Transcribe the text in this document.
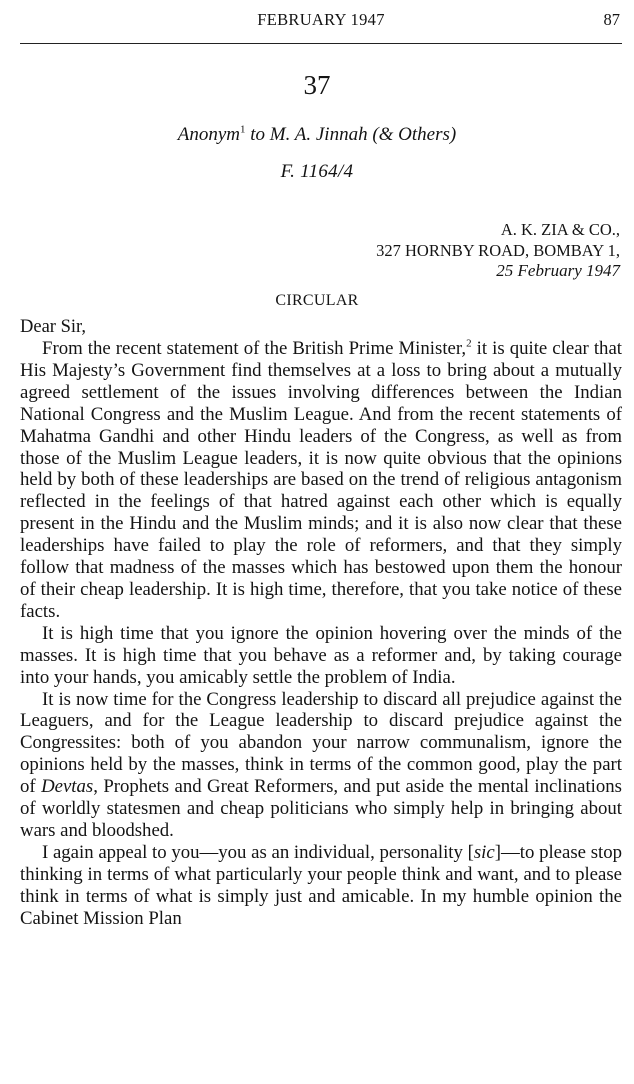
FEBRUARY 1947	87
37
Anonym$^1$ to M. A. Jinnah (& Others)
F. 1164/4
A. K. ZIA & CO.,
327 HORNBY ROAD, BOMBAY 1,
25 February 1947
CIRCULAR
Dear Sir,

From the recent statement of the British Prime Minister,$^2$ it is quite clear that His Majesty’s Government find themselves at a loss to bring about a mutually agreed settlement of the issues involving differences between the Indian National Congress and the Muslim League. And from the recent statements of Mahatma Gandhi and other Hindu leaders of the Congress, as well as from those of the Muslim League leaders, it is now quite obvious that the opinions held by both of these leaderships are based on the trend of religious antagonism reflected in the feelings of that hatred against each other which is equally present in the Hindu and the Muslim minds; and it is also now clear that these leaderships have failed to play the role of reformers, and that they simply follow that madness of the masses which has bestowed upon them the honour of their cheap leadership. It is high time, therefore, that you take notice of these facts.

It is high time that you ignore the opinion hovering over the minds of the masses. It is high time that you behave as a reformer and, by taking courage into your hands, you amicably settle the problem of India.

It is now time for the Congress leadership to discard all prejudice against the Leaguers, and for the League leadership to discard prejudice against the Congressites: both of you abandon your narrow communalism, ignore the opinions held by the masses, think in terms of the common good, play the part of Devtas, Prophets and Great Reformers, and put aside the mental inclinations of worldly statesmen and cheap politicians who simply help in bringing about wars and bloodshed.

I again appeal to you—you as an individual, personality [sic]—to please stop thinking in terms of what particularly your people think and want, and to please think in terms of what is simply just and amicable. In my humble opinion the Cabinet Mission Plan
